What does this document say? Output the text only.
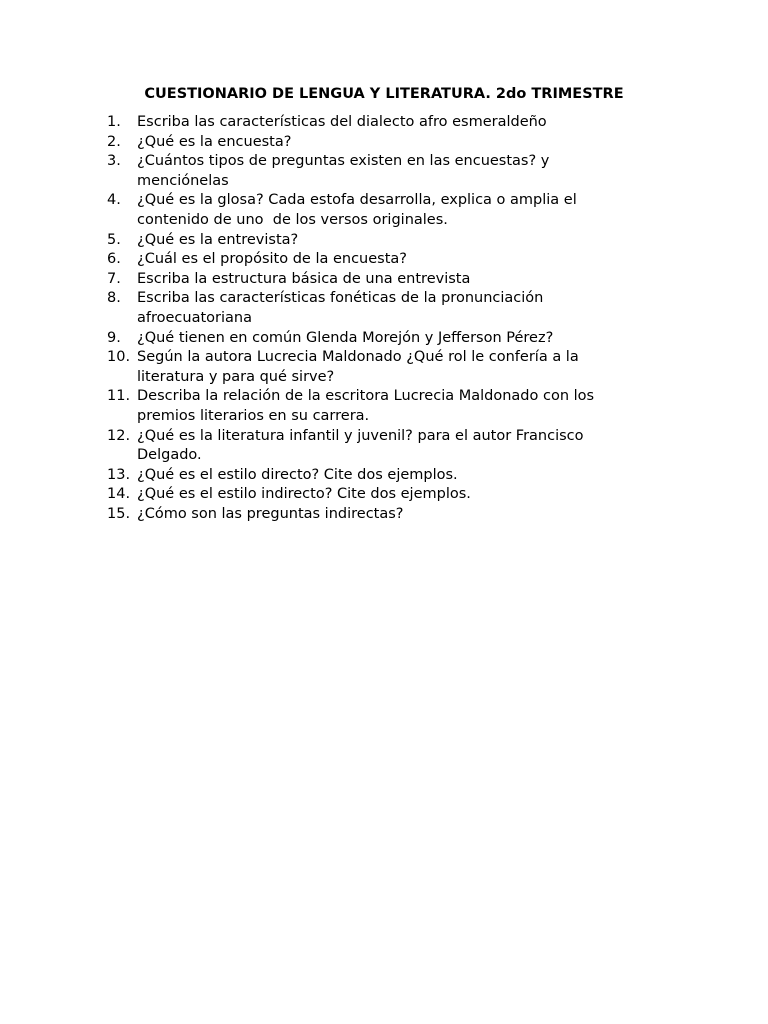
CUESTIONARIO DE LENGUA Y LITERATURA. 2do TRIMESTRE
1.	Escriba las características del dialecto afro esmeraldeño
2.	¿Qué es la encuesta?
3.	¿Cuántos tipos de preguntas existen en las encuestas? y
menciónelas
4.	¿Qué es la glosa? Cada estofa desarrolla, explica o amplia el
contenido de uno  de los versos originales.
5.	¿Qué es la entrevista?
6.	¿Cuál es el propósito de la encuesta?
7.	Escriba la estructura básica de una entrevista
8.	Escriba las características fonéticas de la pronunciación
afroecuatoriana
9.	¿Qué tienen en común Glenda Morejón y Jefferson Pérez?
10. Según la autora Lucrecia Maldonado ¿Qué rol le confería a la
literatura y para qué sirve?
11. Describa la relación de la escritora Lucrecia Maldonado con los
premios literarios en su carrera.
12. ¿Qué es la literatura infantil y juvenil? para el autor Francisco
Delgado.
13. ¿Qué es el estilo directo? Cite dos ejemplos.
14. ¿Qué es el estilo indirecto? Cite dos ejemplos.
15. ¿Cómo son las preguntas indirectas?
